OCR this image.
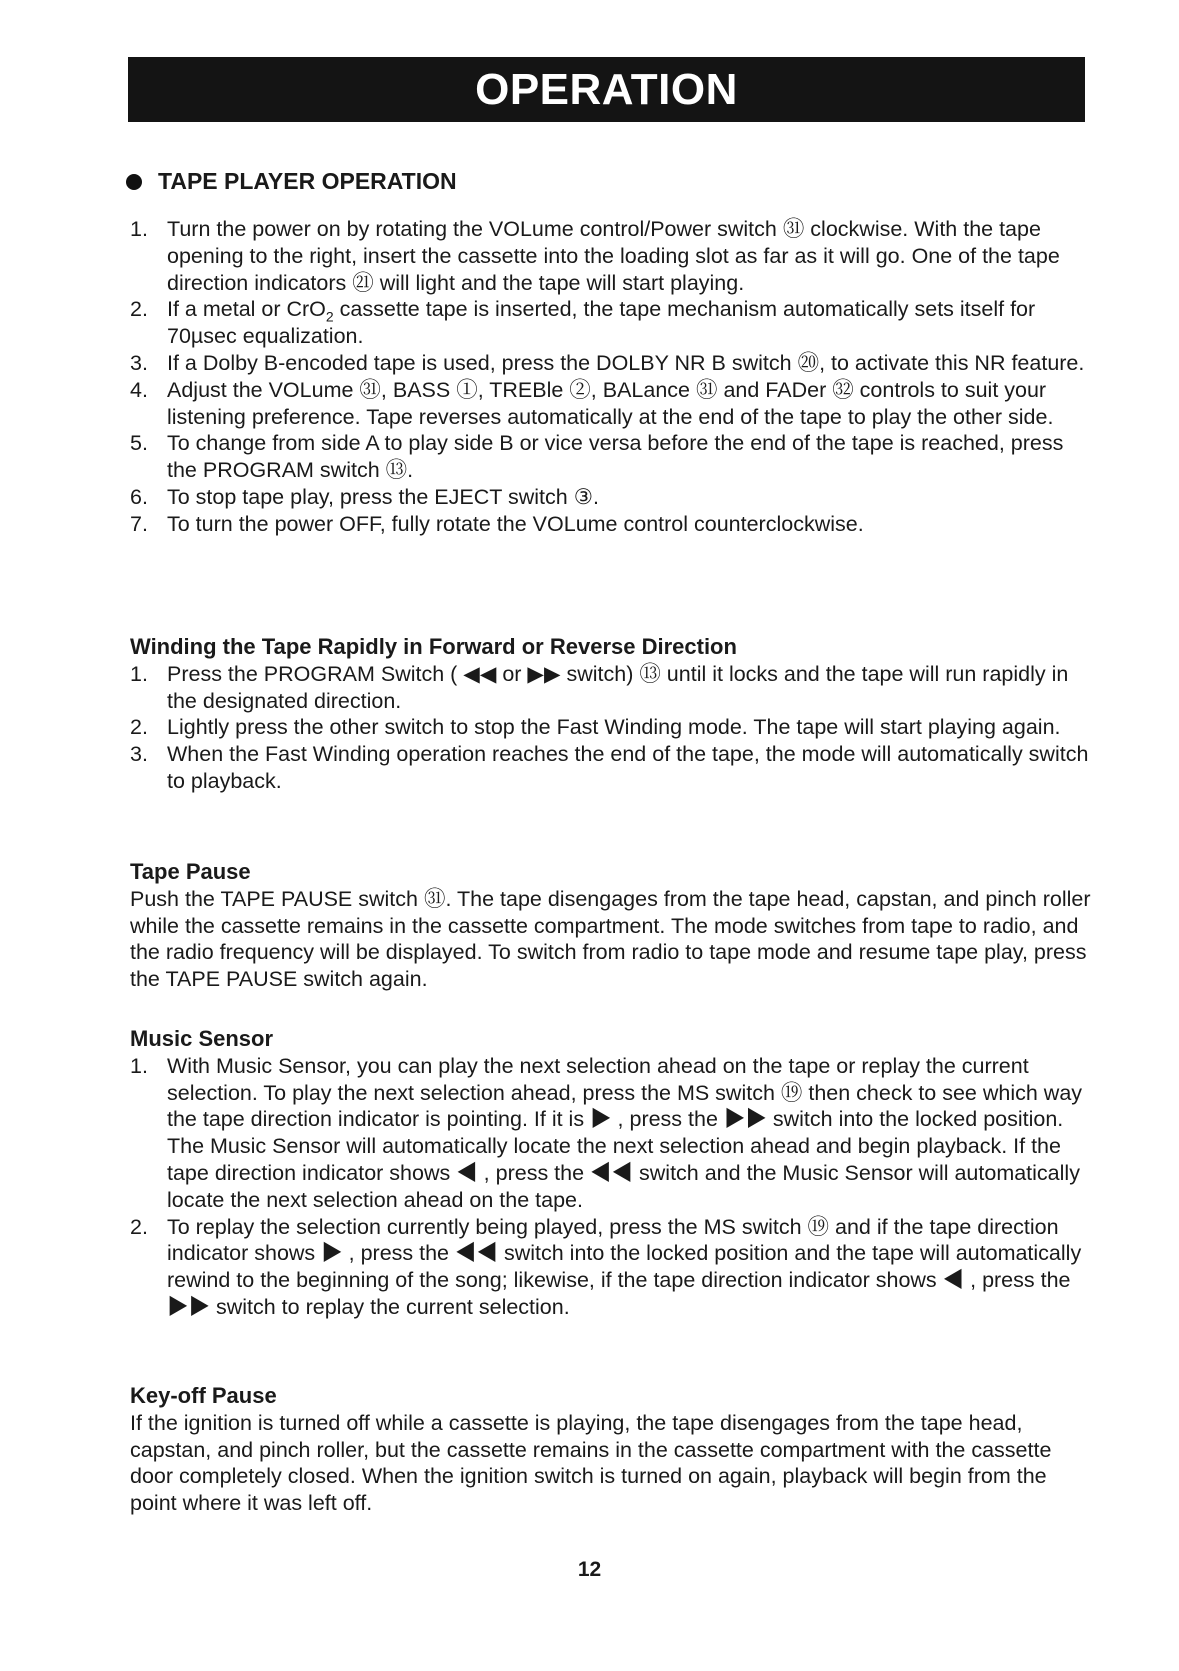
OPERATION
TAPE PLAYER OPERATION
1. Turn the power on by rotating the VOLume control/Power switch ㉛ clockwise. With the tape opening to the right, insert the cassette into the loading slot as far as it will go. One of the tape direction indicators ㉑ will light and the tape will start playing.
2. If a metal or CrO$_2$ cassette tape is inserted, the tape mechanism automatically sets itself for 70µsec equalization.
3. If a Dolby B-encoded tape is used, press the DOLBY NR B switch ⑳, to activate this NR feature.
4. Adjust the VOLume ㉛, BASS ①, TREBle ②, BALance ㉛ and FADer ㉜ controls to suit your listening preference. Tape reverses automatically at the end of the tape to play the other side.
5. To change from side A to play side B or vice versa before the end of the tape is reached, press the PROGRAM switch ⑬.
6. To stop tape play, press the EJECT switch ③.
7. To turn the power OFF, fully rotate the VOLume control counterclockwise.
Winding the Tape Rapidly in Forward or Reverse Direction
1. Press the PROGRAM Switch ( ◀◀ or ▶▶ switch) ⑬ until it locks and the tape will run rapidly in the designated direction.
2. Lightly press the other switch to stop the Fast Winding mode. The tape will start playing again.
3. When the Fast Winding operation reaches the end of the tape, the mode will automatically switch to playback.
Tape Pause

Push the TAPE PAUSE switch ㉛. The tape disengages from the tape head, capstan, and pinch roller while the cassette remains in the cassette compartment. The mode switches from tape to radio, and the radio frequency will be displayed. To switch from radio to tape mode and resume tape play, press the TAPE PAUSE switch again.

Music Sensor
1. With Music Sensor, you can play the next selection ahead on the tape or replay the current selection. To play the next selection ahead, press the MS switch ⑲ then check to see which way the tape direction indicator is pointing. If it is ▶ , press the ▶▶ switch into the locked position. The Music Sensor will automatically locate the next selection ahead and begin playback. If the tape direction indicator shows ◀ , press the ◀◀ switch and the Music Sensor will automatically locate the next selection ahead on the tape.
2. To replay the selection currently being played, press the MS switch ⑲ and if the tape direction indicator shows ▶ , press the ◀◀ switch into the locked position and the tape will automatically rewind to the beginning of the song; likewise, if the tape direction indicator shows ◀ , press the ▶▶ switch to replay the current selection.
Key-off Pause

If the ignition is turned off while a cassette is playing, the tape disengages from the tape head, capstan, and pinch roller, but the cassette remains in the cassette compartment with the cassette door completely closed. When the ignition switch is turned on again, playback will begin from the point where it was left off.

12
